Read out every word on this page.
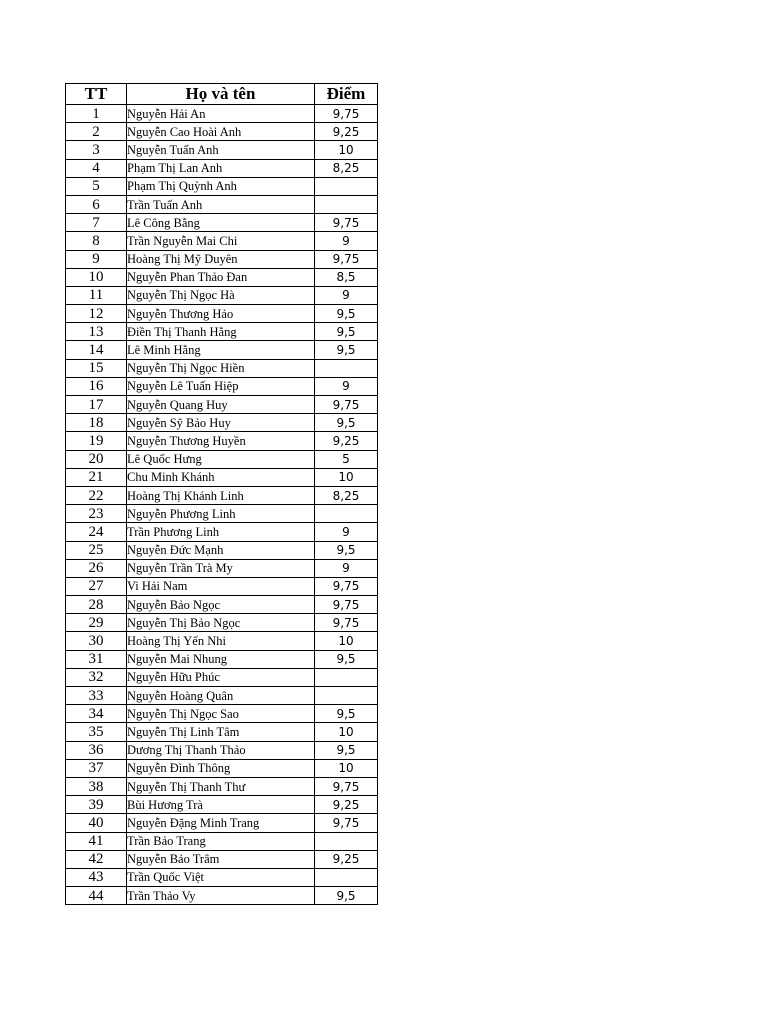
TT	Họ và tên	Điểm
1	Nguyễn Hải An	9,75
2	Nguyễn Cao Hoài Anh	9,25
3	Nguyễn Tuấn Anh	10
4	Phạm Thị Lan Anh	8,25
5	Phạm Thị Quỳnh Anh	
6	Trần Tuấn Anh	
7	Lê Công Bằng	9,75
8	Trần Nguyễn Mai Chi	9
9	Hoàng Thị Mỹ Duyên	9,75
10	Nguyễn Phan Thảo Đan	8,5
11	Nguyễn Thị Ngọc Hà	9
12	Nguyễn Thương Hảo	9,5
13	Điền Thị Thanh Hằng	9,5
14	Lê Minh Hằng	9,5
15	Nguyễn Thị Ngọc Hiền	
16	Nguyễn Lê Tuấn Hiệp	9
17	Nguyễn Quang Huy	9,75
18	Nguyễn Sỹ Bảo Huy	9,5
19	Nguyễn Thương Huyền	9,25
20	Lê Quốc Hưng	5
21	Chu Minh Khánh	10
22	Hoàng Thị Khánh Linh	8,25
23	Nguyễn Phương Linh	
24	Trần Phương Linh	9
25	Nguyễn Đức Mạnh	9,5
26	Nguyễn Trần Trà My	9
27	Vi Hải Nam	9,75
28	Nguyễn Bảo Ngọc	9,75
29	Nguyễn Thị Bảo Ngọc	9,75
30	Hoàng Thị Yến Nhi	10
31	Nguyễn Mai Nhung	9,5
32	Nguyễn Hữu Phúc	
33	Nguyễn Hoàng Quân	
34	Nguyễn Thị Ngọc Sao	9,5
35	Nguyễn Thị Linh Tâm	10
36	Dương Thị Thanh Thảo	9,5
37	Nguyễn Đình Thông	10
38	Nguyễn Thị Thanh Thư	9,75
39	Bùi Hương Trà	9,25
40	Nguyễn Đặng Minh Trang	9,75
41	Trần Bảo Trang	
42	Nguyễn Bảo Trâm	9,25
43	Trần Quốc Việt	
44	Trần Thảo Vy	9,5
